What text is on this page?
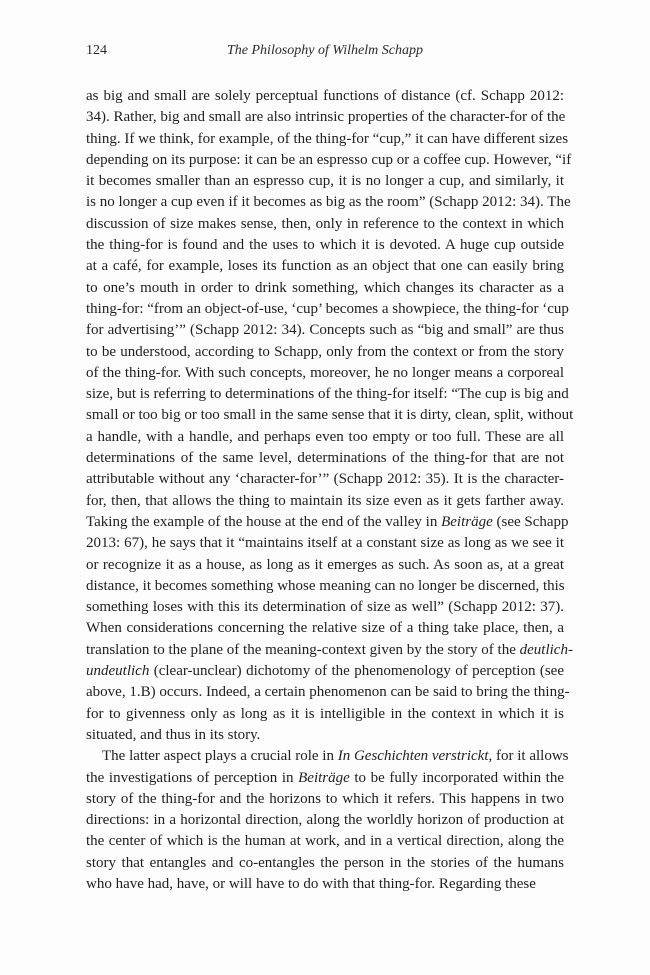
124	The Philosophy of Wilhelm Schapp
as big and small are solely perceptual functions of distance (cf. Schapp 2012:
34). Rather, big and small are also intrinsic properties of the character-for of the
thing. If we think, for example, of the thing-for “cup,” it can have different sizes
depending on its purpose: it can be an espresso cup or a coffee cup. However, “if
it becomes smaller than an espresso cup, it is no longer a cup, and similarly, it
is no longer a cup even if it becomes as big as the room” (Schapp 2012: 34). The
discussion of size makes sense, then, only in reference to the context in which
the thing-for is found and the uses to which it is devoted. A huge cup outside
at a café, for example, loses its function as an object that one can easily bring
to one’s mouth in order to drink something, which changes its character as a
thing-for: “from an object-of-use, ‘cup’ becomes a showpiece, the thing-for ‘cup
for advertising’” (Schapp 2012: 34). Concepts such as “big and small” are thus
to be understood, according to Schapp, only from the context or from the story
of the thing-for. With such concepts, moreover, he no longer means a corporeal
size, but is referring to determinations of the thing-for itself: “The cup is big and
small or too big or too small in the same sense that it is dirty, clean, split, without
a handle, with a handle, and perhaps even too empty or too full. These are all
determinations of the same level, determinations of the thing-for that are not
attributable without any ‘character-for’” (Schapp 2012: 35). It is the character-
for, then, that allows the thing to maintain its size even as it gets farther away.
Taking the example of the house at the end of the valley in Beiträge (see Schapp
2013: 67), he says that it “maintains itself at a constant size as long as we see it
or recognize it as a house, as long as it emerges as such. As soon as, at a great
distance, it becomes something whose meaning can no longer be discerned, this
something loses with this its determination of size as well” (Schapp 2012: 37).
When considerations concerning the relative size of a thing take place, then, a
translation to the plane of the meaning-context given by the story of the deutlich-
undeutlich (clear-unclear) dichotomy of the phenomenology of perception (see
above, 1.B) occurs. Indeed, a certain phenomenon can be said to bring the thing-
for to givenness only as long as it is intelligible in the context in which it is
situated, and thus in its story.
The latter aspect plays a crucial role in In Geschichten verstrickt, for it allows
the investigations of perception in Beiträge to be fully incorporated within the
story of the thing-for and the horizons to which it refers. This happens in two
directions: in a horizontal direction, along the worldly horizon of production at
the center of which is the human at work, and in a vertical direction, along the
story that entangles and co-entangles the person in the stories of the humans
who have had, have, or will have to do with that thing-for. Regarding these
